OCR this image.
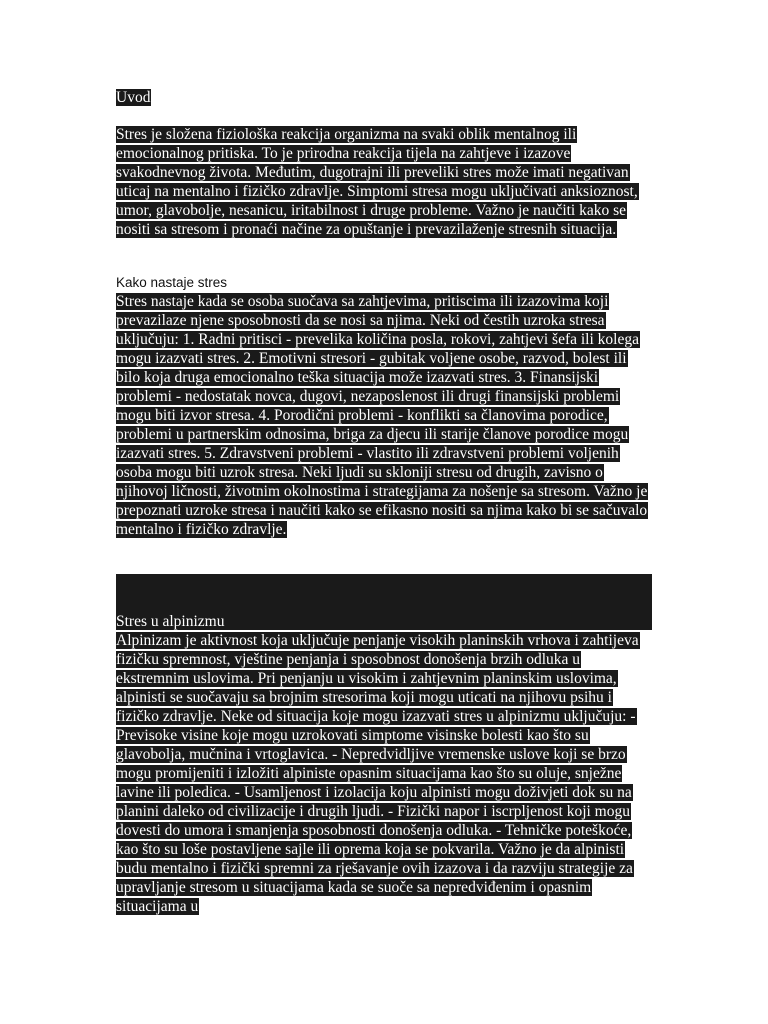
Uvod

Stres je složena fiziološka reakcija organizma na svaki oblik mentalnog ili emocionalnog pritiska. To je prirodna reakcija tijela na zahtjeve i izazove svakodnevnog života. Međutim, dugotrajni ili preveliki stres može imati negativan uticaj na mentalno i fizičko zdravlje. Simptomi stresa mogu uključivati anksioznost, umor, glavobolje, nesanicu, iritabilnost i druge probleme. Važno je naučiti kako se nositi sa stresom i pronaći načine za opuštanje i prevazilaženje stresnih situacija.

Kako nastaje stres

Stres nastaje kada se osoba suočava sa zahtjevima, pritiscima ili izazovima koji prevazilaze njene sposobnosti da se nosi sa njima. Neki od čestih uzroka stresa uključuju: 1. Radni pritisci - prevelika količina posla, rokovi, zahtjevi šefa ili kolega mogu izazvati stres. 2. Emotivni stresori - gubitak voljene osobe, razvod, bolest ili bilo koja druga emocionalno teška situacija može izazvati stres. 3. Finansijski problemi - nedostatak novca, dugovi, nezaposlenost ili drugi finansijski problemi mogu biti izvor stresa. 4. Porodični problemi - konflikti sa članovima porodice, problemi u partnerskim odnosima, briga za djecu ili starije članove porodice mogu izazvati stres. 5. Zdravstveni problemi - vlastito ili zdravstveni problemi voljenih osoba mogu biti uzrok stresa. Neki ljudi su skloniji stresu od drugih, zavisno o njihovoj ličnosti, životnim okolnostima i strategijama za nošenje sa stresom. Važno je prepoznati uzroke stresa i naučiti kako se efikasno nositi sa njima kako bi se sačuvalo mentalno i fizičko zdravlje.

Stres u alpinizmu

Alpinizam je aktivnost koja uključuje penjanje visokih planinskih vrhova i zahtijeva fizičku spremnost, vještine penjanja i sposobnost donošenja brzih odluka u ekstremnim uslovima. Pri penjanju u visokim i zahtjevnim planinskim uslovima, alpinisti se suočavaju sa brojnim stresorima koji mogu uticati na njihovu psihu i fizičko zdravlje. Neke od situacija koje mogu izazvati stres u alpinizmu uključuju: - Previsoke visine koje mogu uzrokovati simptome visinske bolesti kao što su glavobolja, mučnina i vrtoglavica. - Nepredvidljive vremenske uslove koji se brzo mogu promijeniti i izložiti alpiniste opasnim situacijama kao što su oluje, snježne lavine ili poledica. - Usamljenost i izolacija koju alpinisti mogu doživjeti dok su na planini daleko od civilizacije i drugih ljudi. - Fizički napor i iscrpljenost koji mogu dovesti do umora i smanjenja sposobnosti donošenja odluka. - Tehničke poteškoće, kao što su loše postavljene sajle ili oprema koja se pokvarila. Važno je da alpinisti budu mentalno i fizički spremni za rješavanje ovih izazova i da razviju strategije za upravljanje stresom u situacijama kada se suoče sa nepredviđenim i opasnim situacijama u
